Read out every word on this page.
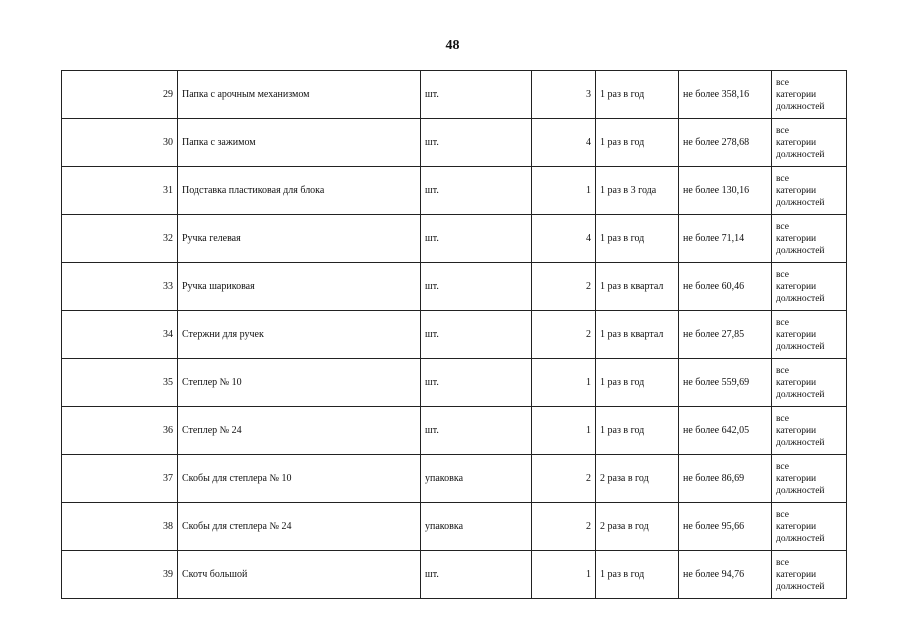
48
29	Папка с арочным механизмом	шт.	3	1 раз в год	не более 358,16	все
категории
должностей

30	Папка с зажимом	шт.	4	1 раз в год	не более 278,68	все
категории
должностей

31	Подставка пластиковая для блока	шт.	1	1 раз в 3 года	не более 130,16	все
категории
должностей

32	Ручка гелевая	шт.	4	1 раз в год	не более 71,14	все
категории
должностей

33	Ручка шариковая	шт.	2	1 раз в квартал	не более 60,46	все
категории
должностей

34	Стержни для ручек	шт.	2	1 раз в квартал	не более 27,85	все
категории
должностей

35	Степлер № 10	шт.	1	1 раз в год	не более 559,69	все
категории
должностей

36	Степлер № 24	шт.	1	1 раз в год	не более 642,05	все
категории
должностей

37	Скобы для степлера № 10	упаковка	2	2 раза в год	не более 86,69	все
категории
должностей

38	Скобы для степлера № 24	упаковка	2	2 раза в год	не более 95,66	все
категории
должностей

39	Скотч большой	шт.	1	1 раз в год	не более 94,76	все
категории
должностей
